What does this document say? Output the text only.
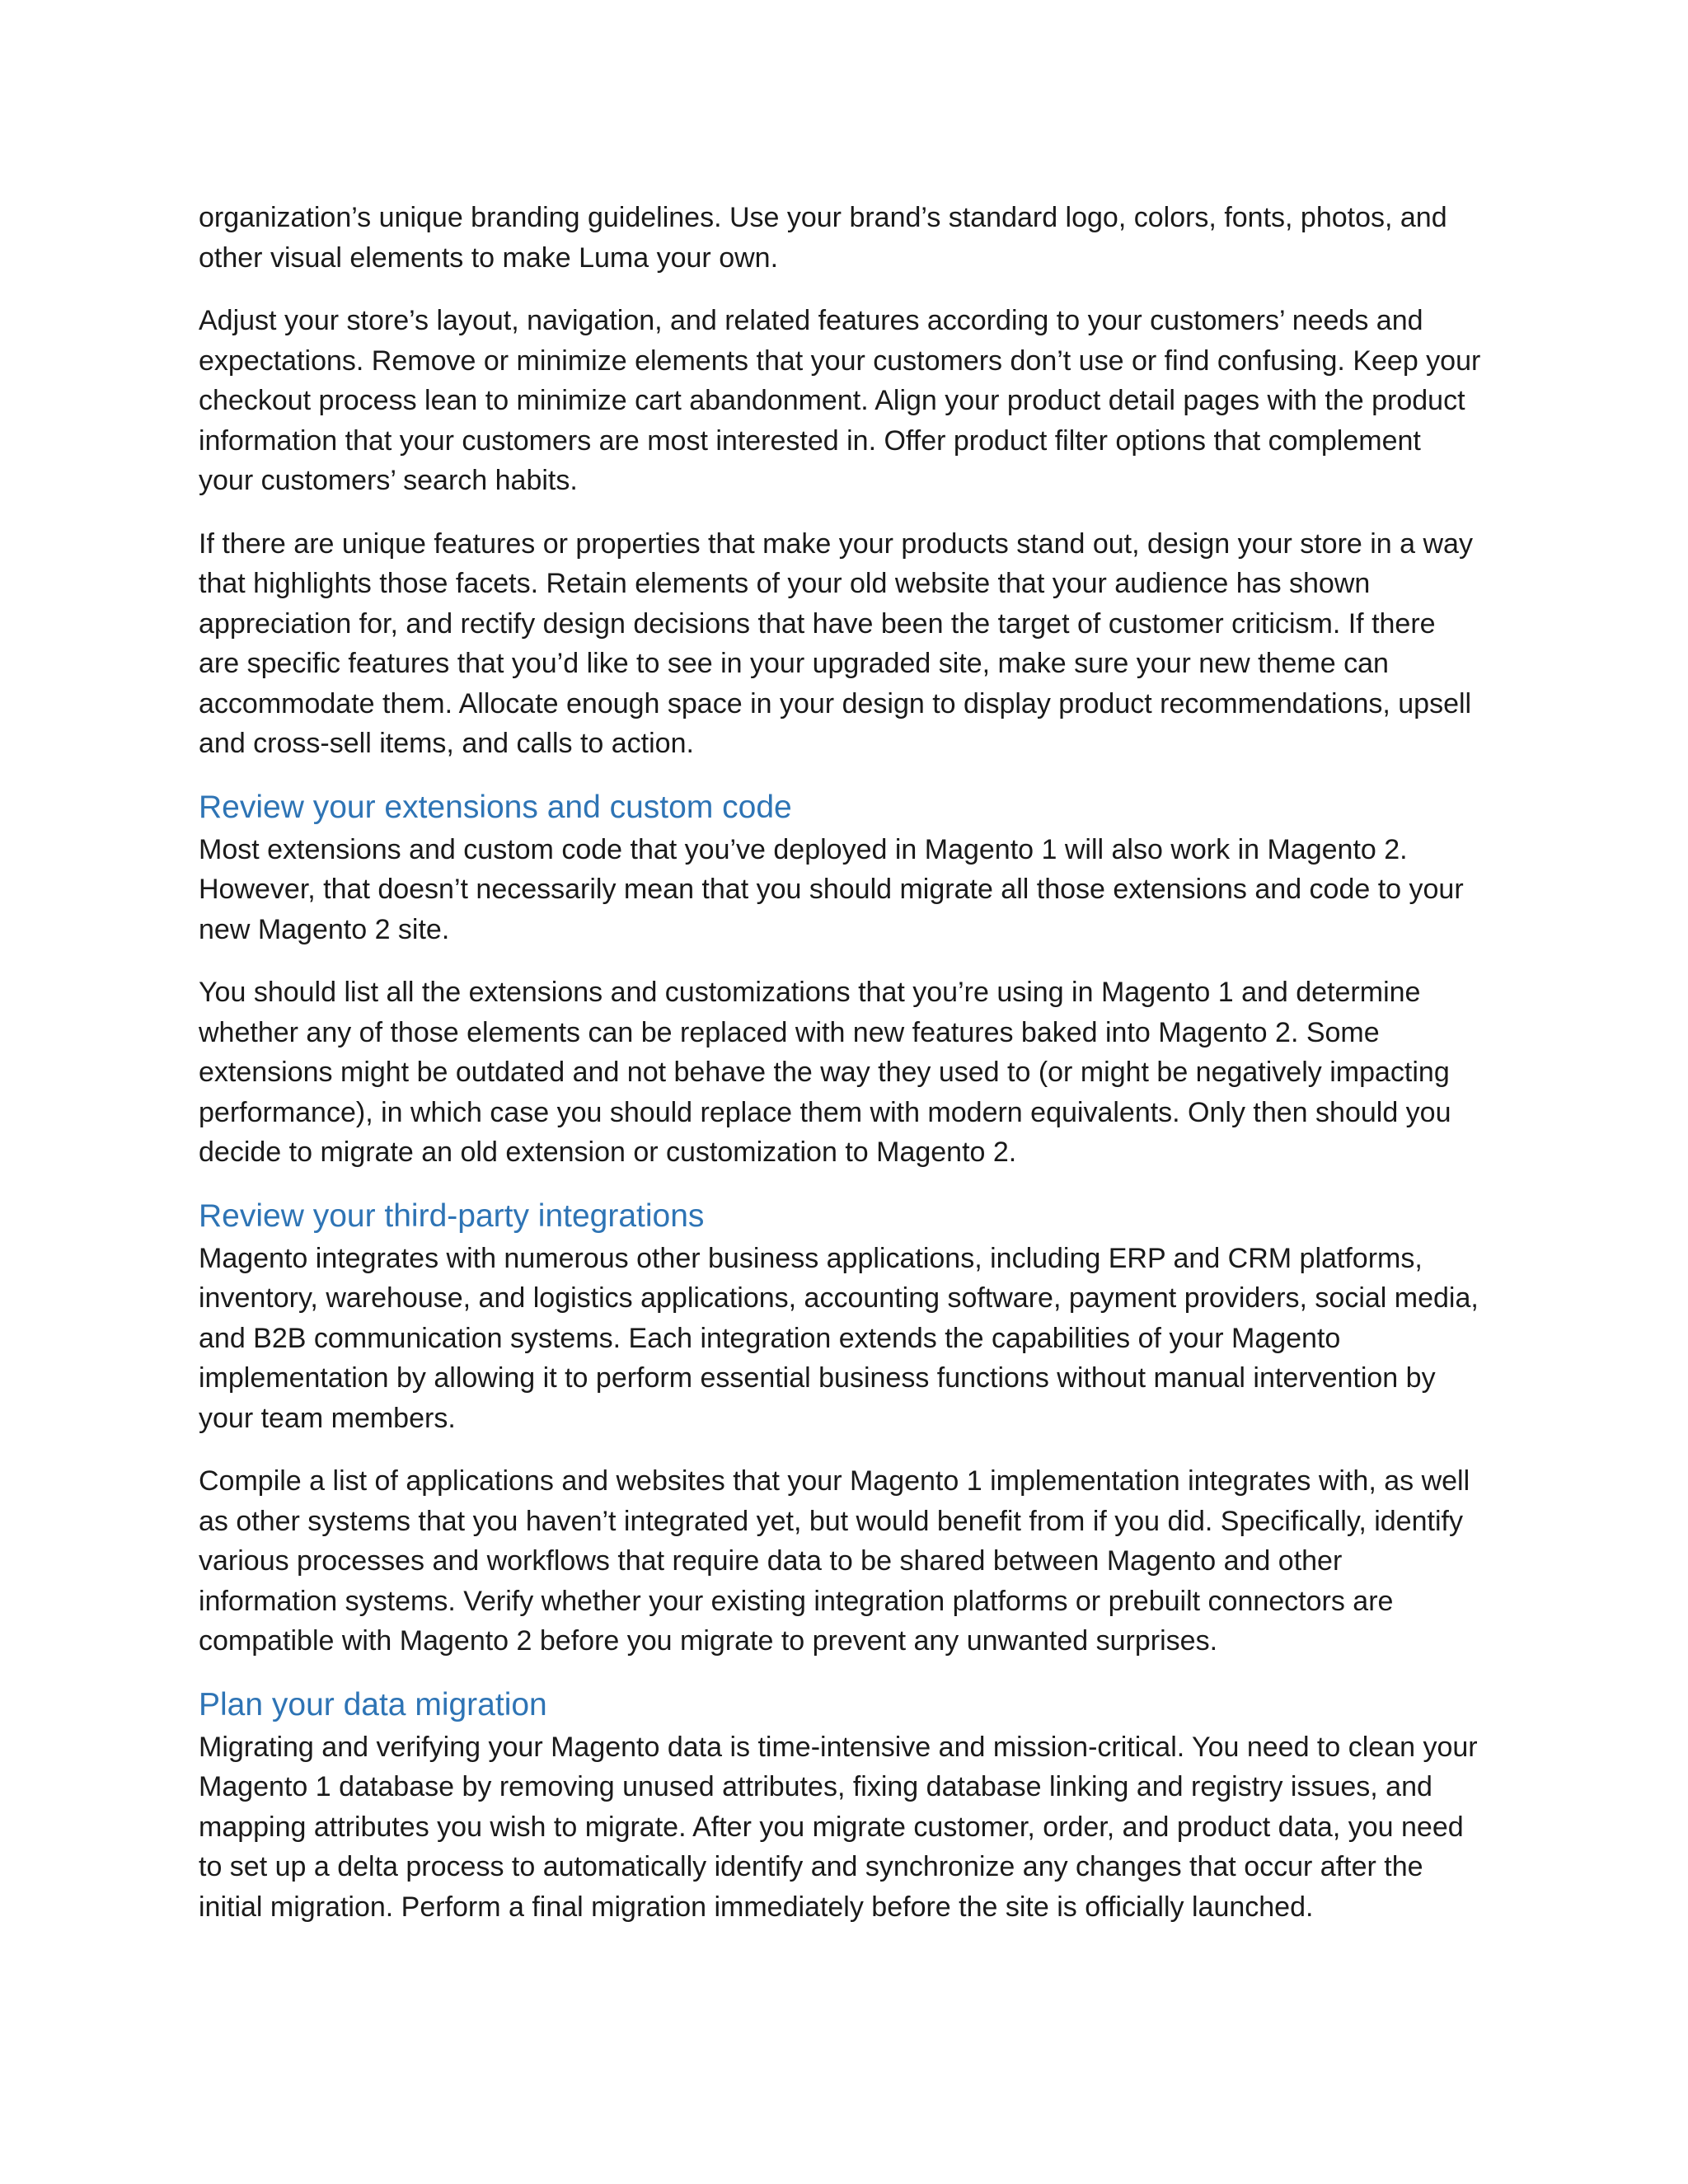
organization’s unique branding guidelines. Use your brand’s standard logo, colors, fonts, photos, and
other visual elements to make Luma your own.

Adjust your store’s layout, navigation, and related features according to your customers’ needs and
expectations. Remove or minimize elements that your customers don’t use or find confusing. Keep your
checkout process lean to minimize cart abandonment. Align your product detail pages with the product
information that your customers are most interested in. Offer product filter options that complement
your customers’ search habits.

If there are unique features or properties that make your products stand out, design your store in a way
that highlights those facets. Retain elements of your old website that your audience has shown
appreciation for, and rectify design decisions that have been the target of customer criticism. If there
are specific features that you’d like to see in your upgraded site, make sure your new theme can
accommodate them. Allocate enough space in your design to display product recommendations, upsell
and cross-sell items, and calls to action.

Review your extensions and custom code

Most extensions and custom code that you’ve deployed in Magento 1 will also work in Magento 2.
However, that doesn’t necessarily mean that you should migrate all those extensions and code to your
new Magento 2 site.

You should list all the extensions and customizations that you’re using in Magento 1 and determine
whether any of those elements can be replaced with new features baked into Magento 2. Some
extensions might be outdated and not behave the way they used to (or might be negatively impacting
performance), in which case you should replace them with modern equivalents. Only then should you
decide to migrate an old extension or customization to Magento 2.

Review your third-party integrations

Magento integrates with numerous other business applications, including ERP and CRM platforms,
inventory, warehouse, and logistics applications, accounting software, payment providers, social media,
and B2B communication systems. Each integration extends the capabilities of your Magento
implementation by allowing it to perform essential business functions without manual intervention by
your team members.

Compile a list of applications and websites that your Magento 1 implementation integrates with, as well
as other systems that you haven’t integrated yet, but would benefit from if you did. Specifically, identify
various processes and workflows that require data to be shared between Magento and other
information systems. Verify whether your existing integration platforms or prebuilt connectors are
compatible with Magento 2 before you migrate to prevent any unwanted surprises.

Plan your data migration

Migrating and verifying your Magento data is time-intensive and mission-critical. You need to clean your
Magento 1 database by removing unused attributes, fixing database linking and registry issues, and
mapping attributes you wish to migrate. After you migrate customer, order, and product data, you need
to set up a delta process to automatically identify and synchronize any changes that occur after the
initial migration. Perform a final migration immediately before the site is officially launched.
